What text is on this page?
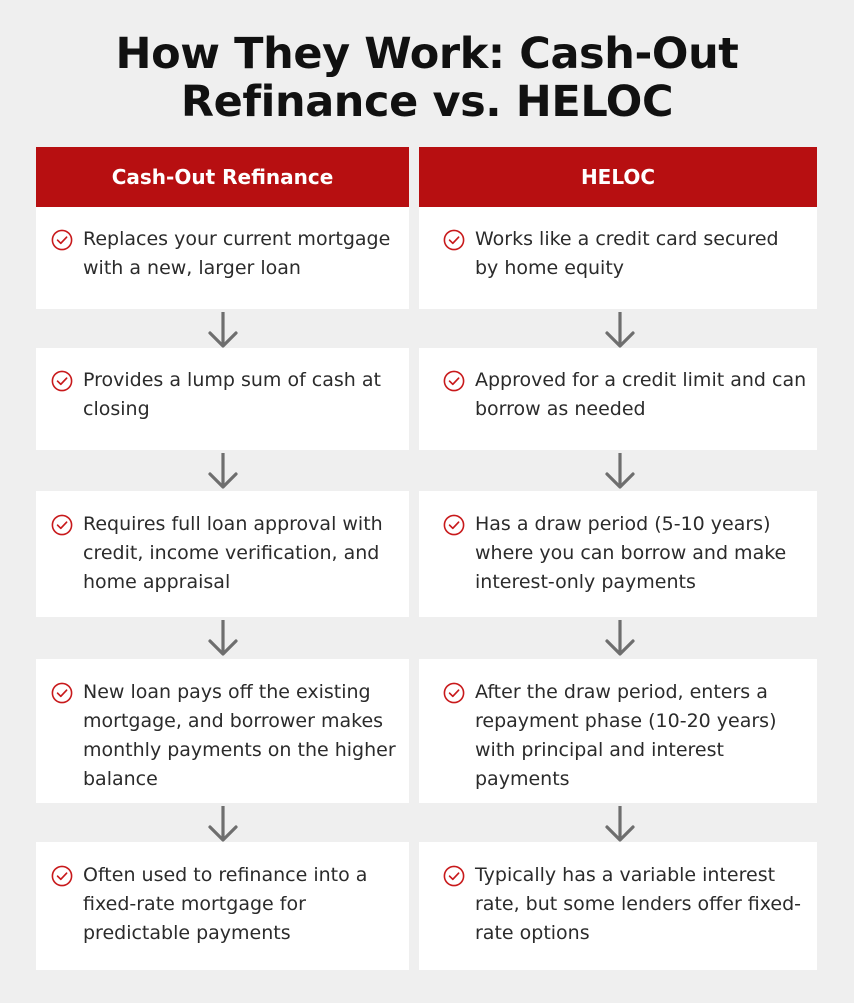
How They Work: Cash-Out
Refinance vs. HELOC
Cash-Out Refinance	HELOC
Replaces your current mortgage with a new, larger loan
Provides a lump sum of cash at closing
Requires full loan approval with credit, income verification, and home appraisal
New loan pays off the existing mortgage, and borrower makes monthly payments on the higher balance
Often used to refinance into a fixed-rate mortgage for predictable payments
Works like a credit card secured by home equity
Approved for a credit limit and can borrow as needed
Has a draw period (5-10 years) where you can borrow and make interest-only payments
After the draw period, enters a repayment phase (10-20 years) with principal and interest payments
Typically has a variable interest rate, but some lenders offer fixed-rate options
